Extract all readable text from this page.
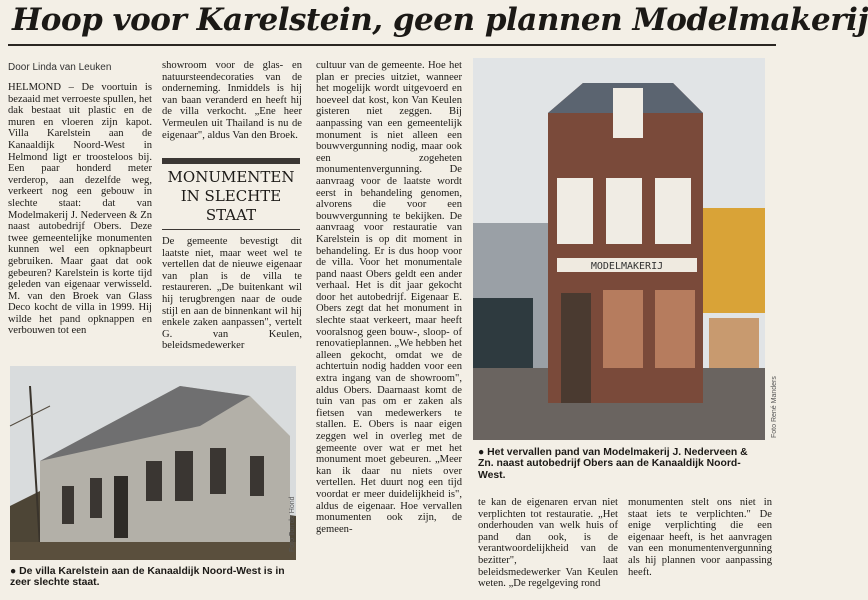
Hoop voor Karelstein, geen plannen Modelmakerij
Door Linda van Leuken

HELMOND – De voortuin is bezaaid met verroeste spullen, het dak bestaat uit plastic en de muren en vloeren zijn kapot. Villa Karelstein aan de Kanaaldijk Noord-West in Helmond ligt er troosteloos bij. Een paar honderd meter verderop, aan dezelfde weg, verkeert nog een gebouw in slechte staat: dat van Modelmakerij J. Nederveen & Zn naast autobedrijf Obers. Deze twee gemeentelijke monumenten kunnen wel een opknapbeurt gebruiken. Maar gaat dat ook gebeuren? Karelstein is korte tijd geleden van eigenaar verwisseld. M. van den Broek van Glass Deco kocht de villa in 1999. Hij wilde het pand opknappen en verbouwen tot een

showroom voor de glas- en natuursteendecoraties van de onderneming. Inmiddels is hij van baan veranderd en heeft hij de villa verkocht. „Ene heer Vermeulen uit Thailand is nu de eigenaar", aldus Van den Broek.

MONUMENTEN IN SLECHTE STAAT

De gemeente bevestigt dit laatste niet, maar weet wel te vertellen dat de nieuwe eigenaar van plan is de villa te restaureren. „De buitenkant wil hij terugbrengen naar de oude stijl en aan de binnenkant wil hij enkele zaken aanpassen", vertelt G. van Keulen, beleidsmedewerker

cultuur van de gemeente. Hoe het plan er precies uitziet, wanneer het mogelijk wordt uitgevoerd en hoeveel dat kost, kon Van Keulen gisteren niet zeggen. Bij aanpassing van een gemeentelijk monument is niet alleen een bouwvergunning nodig, maar ook een zogeheten monumentenvergunning. De aanvraag voor de laatste wordt eerst in behandeling genomen, alvorens die voor een bouwvergunning te bekijken. De aanvraag voor restauratie van Karelstein is op dit moment in behandeling. Er is dus hoop voor de villa. Voor het monumentale pand naast Obers geldt een ander verhaal. Het is dit jaar gekocht door het autobedrijf. Eigenaar E. Obers zegt dat het monument in slechte staat verkeert, maar heeft vooralsnog geen bouw-, sloop- of renovatieplannen. „We hebben het alleen gekocht, omdat we de achtertuin nodig hadden voor een extra ingang van de showroom", aldus Obers. Daarnaast komt de tuin van pas om er zaken als fietsen van medewerkers te stallen. E. Obers is naar eigen zeggen wel in overleg met de gemeente over wat er met het monument moet gebeuren. „Meer kan ik daar nu niets over vertellen. Het duurt nog een tijd voordat er meer duidelijkheid is", aldus de eigenaar. Hoe vervallen monumenten ook zijn, de gemeen-

te kan de eigenaren ervan niet verplichten tot restauratie. „Het onderhouden van welk huis of pand dan ook, is de verantwoordelijkheid van de bezitter", laat beleidsmedewerker Van Keulen weten. „De regelgeving rond

monumenten stelt ons niet in staat iets te verplichten." De enige verplichting die een eigenaar heeft, is het aanvragen van een monumentenvergunning als hij plannen voor aanpassing heeft.

Foto Ton de Hond
● De villa Karelstein aan de Kanaaldijk Noord-West is in zeer slechte staat.
MODELMAKERIJ
Foto René Manders
● Het vervallen pand van Modelmakerij J. Nederveen & Zn. naast autobedrijf Obers aan de Kanaaldijk Noord-West.
